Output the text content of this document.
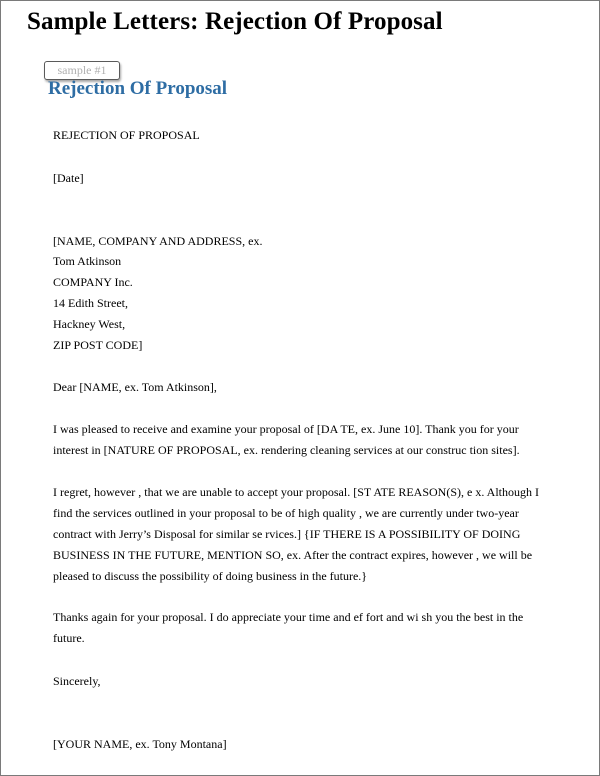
Sample Letters: Rejection Of Proposal
sample #1
Rejection Of Proposal
REJECTION OF PROPOSAL
[Date]
[NAME, COMPANY AND ADDRESS, ex.
Tom Atkinson
COMPANY Inc.
14 Edith Street,
Hackney West,
ZIP POST CODE]
Dear [NAME, ex. Tom Atkinson],
I was pleased to receive and examine your proposal of [DA TE, ex. June 10]. Thank you for your
interest in [NATURE OF PROPOSAL, ex. rendering cleaning services at our construc tion sites].
I regret, however , that we are unable to accept your proposal. [ST ATE REASON(S), e x. Although I
find the services outlined in your proposal to be of high quality , we are currently under two-year
contract with Jerry’s Disposal for similar se rvices.] {IF THERE IS A POSSIBILITY OF DOING
BUSINESS IN THE FUTURE, MENTION SO, ex. After the contract expires, however , we will be
pleased to discuss the possibility of doing business in the future.}
Thanks again for your proposal. I do appreciate your time and ef fort and wi sh you the best in the
future.
Sincerely,
[YOUR NAME, ex. Tony Montana]
